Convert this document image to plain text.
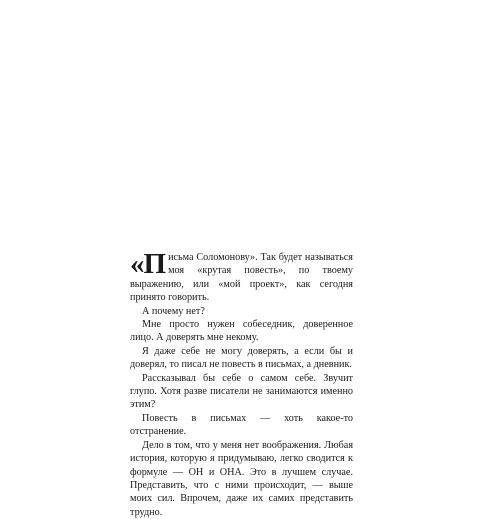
«Письма Соломонову». Так будет называться моя «крутая повесть», по твоему выражению, или «мой проект», как сегодня принято говорить.

А почему нет?

Мне просто нужен собеседник, доверенное лицо. А доверять мне некому.

Я даже себе не могу доверять, а если бы и доверял, то писал не повесть в письмах, а дневник.

Рассказывал бы себе о самом себе. Звучит глупо. Хотя разве писатели не занимаются именно этим?

Повесть в письмах — хоть какое-то отстранение.

Дело в том, что у меня нет воображения. Любая история, которую я придумываю, легко сводится к формуле — ОН и ОНА. Это в лучшем случае. Представить, что с ними происходит, — выше моих сил. Впрочем, даже их самих представить трудно.
